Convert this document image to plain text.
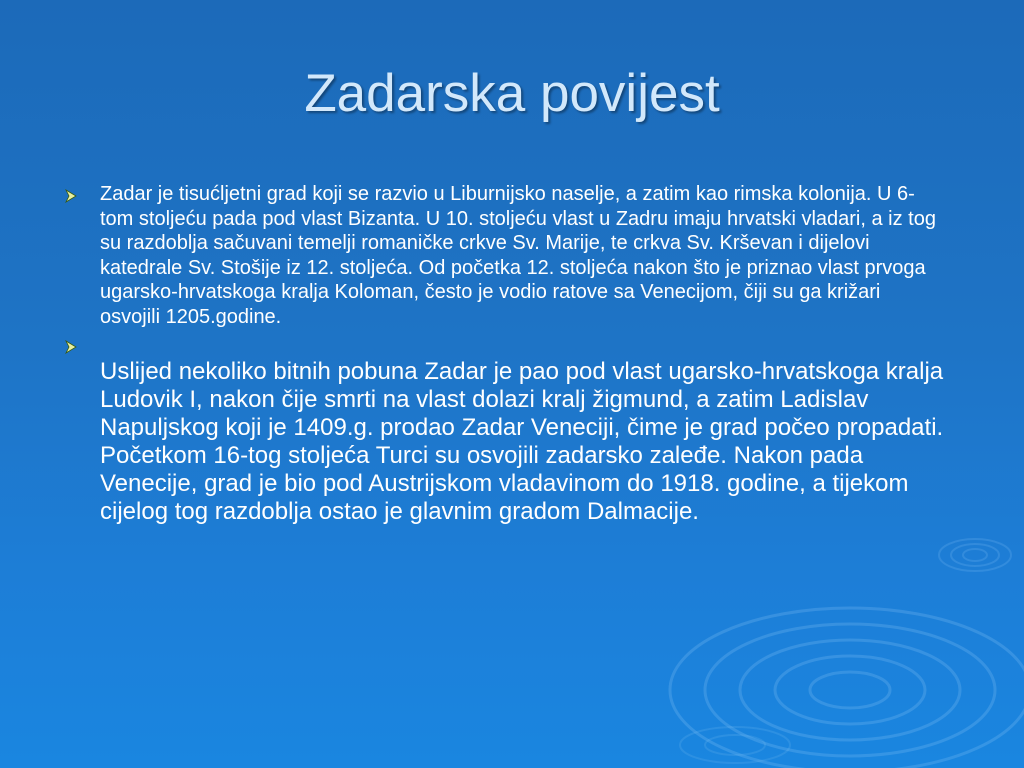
Zadarska povijest
Zadar je tisućljetni grad koji se razvio u Liburnijsko naselje, a zatim kao rimska kolonija. U 6- tom stoljeću pada pod vlast Bizanta. U 10. stoljeću vlast u Zadru imaju hrvatski vladari, a iz tog su razdoblja sačuvani temelji romaničke crkve Sv. Marije, te crkva Sv. Krševan i dijelovi katedrale Sv. Stošije iz 12. stoljeća. Od početka 12. stoljeća nakon što je priznao vlast prvoga ugarsko-hrvatskoga kralja Koloman, često je vodio ratove sa Venecijom, čiji su ga križari osvojili 1205.godine.
Uslijed nekoliko bitnih pobuna Zadar je pao pod vlast ugarsko-hrvatskoga kralja Ludovik I, nakon čije smrti na vlast dolazi kralj žigmund, a zatim Ladislav Napuljskog koji je 1409.g. prodao Zadar Veneciji, čime je grad počeo propadati. Početkom 16-tog stoljeća Turci su osvojili zadarsko zaleđe. Nakon pada Venecije, grad je bio pod Austrijskom vladavinom do 1918. godine, a tijekom cijelog tog razdoblja ostao je glavnim gradom Dalmacije.
